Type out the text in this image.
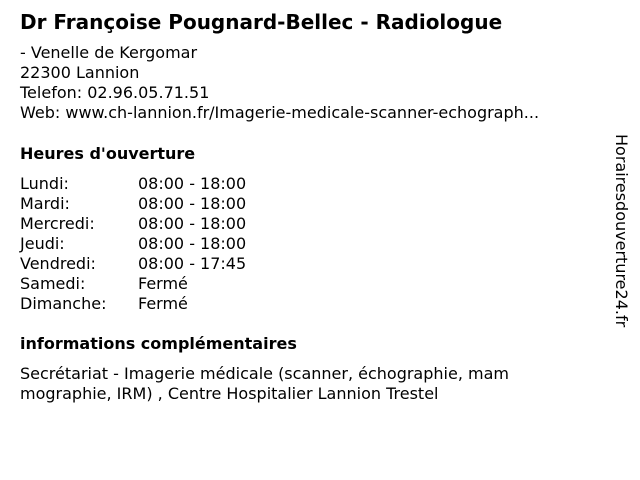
Dr Françoise Pougnard-Bellec - Radiologue
- Venelle de Kergomar
22300 Lannion
Telefon: 02.96.05.71.51
Web: www.ch-lannion.fr/Imagerie-medicale-scanner-echograph...
Heures d'ouverture
Lundi:	08:00 - 18:00
Mardi:	08:00 - 18:00
Mercredi:	08:00 - 18:00
Jeudi:	08:00 - 18:00
Vendredi:	08:00 - 17:45
Samedi:	Fermé
Dimanche:	Fermé
informations complémentaires
Secrétariat - Imagerie médicale (scanner, échographie, mammographie, IRM) , Centre Hospitalier Lannion Trestel
Horairesdouverture24.fr
